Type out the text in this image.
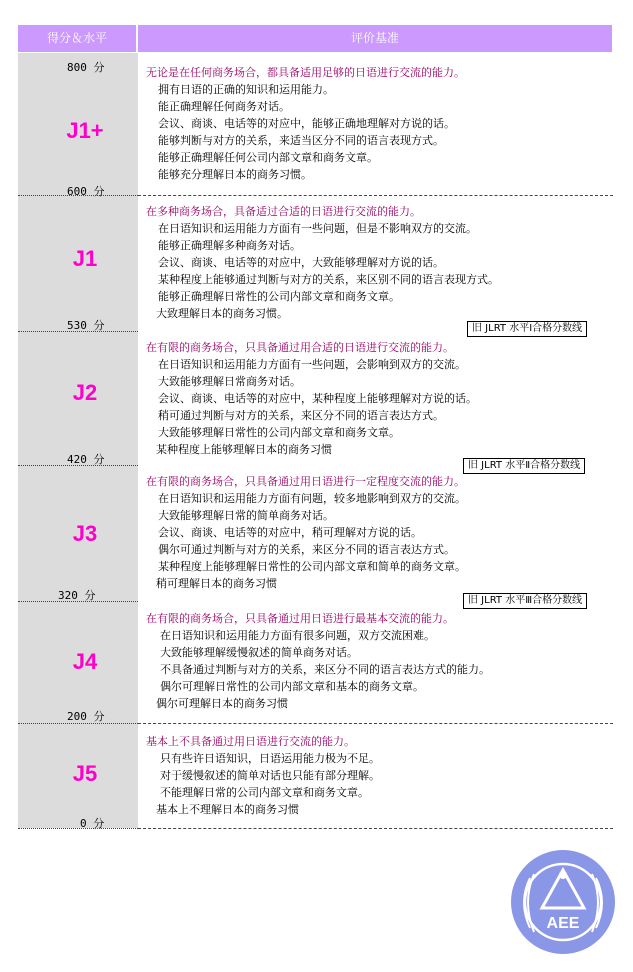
得分＆水平	评价基准
800 分
600 分
530 分
420 分
320 分
200 分
0 分
J1+
J1
J2
J3
J4
J5
无论是在任何商务场合，都具备适用足够的日语进行交流的能力。
拥有日语的正确的知识和运用能力。
能正确理解任何商务对话。
会议、商谈、电话等的对应中，能够正确地理解对方说的话。
能够判断与对方的关系，来适当区分不同的语言表现方式。
能够正确理解任何公司内部文章和商务文章。
能够充分理解日本的商务习惯。
在多种商务场合，具备适过合适的日语进行交流的能力。
在日语知识和运用能力方面有一些问题，但是不影响双方的交流。
能够正确理解多种商务对话。
会议、商谈、电话等的对应中，大致能够理解对方说的话。
某种程度上能够通过判断与对方的关系，来区别不同的语言表现方式。
能够正确理解日常性的公司内部文章和商务文章。
大致理解日本的商务习惯。
在有限的商务场合，只具备通过用合适的日语进行交流的能力。
在日语知识和运用能力方面有一些问题，会影响到双方的交流。
大致能够理解日常商务对话。
会议、商谈、电话等的对应中，某种程度上能够理解对方说的话。
稍可通过判断与对方的关系，来区分不同的语言表达方式。
大致能够理解日常性的公司内部文章和商务文章。
某种程度上能够理解日本的商务习惯
在有限的商务场合，只具备通过用日语进行一定程度交流的能力。
在日语知识和运用能力方面有问题，较多地影响到双方的交流。
大致能够理解日常的简单商务对话。
会议、商谈、电话等的对应中，稍可理解对方说的话。
偶尔可通过判断与对方的关系，来区分不同的语言表达方式。
某种程度上能够理解日常性的公司内部文章和简单的商务文章。
稍可理解日本的商务习惯
在有限的商务场合，只具备通过用日语进行最基本交流的能力。
在日语知识和运用能力方面有很多问题，双方交流困难。
大致能够理解缓慢叙述的简单商务对话。
不具备通过判断与对方的关系，来区分不同的语言表达方式的能力。
偶尔可理解日常性的公司内部文章和基本的商务文章。
偶尔可理解日本的商务习惯
基本上不具备通过用日语进行交流的能力。
只有些许日语知识，日语运用能力极为不足。
对于缓慢叙述的简单对话也只能有部分理解。
不能理解日常的公司内部文章和商务文章。
基本上不理解日本的商务习惯
旧 JLRT 水平Ⅰ合格分数线
旧 JLRT 水平Ⅱ合格分数线
旧 JLRT 水平Ⅲ合格分数线
AEE
